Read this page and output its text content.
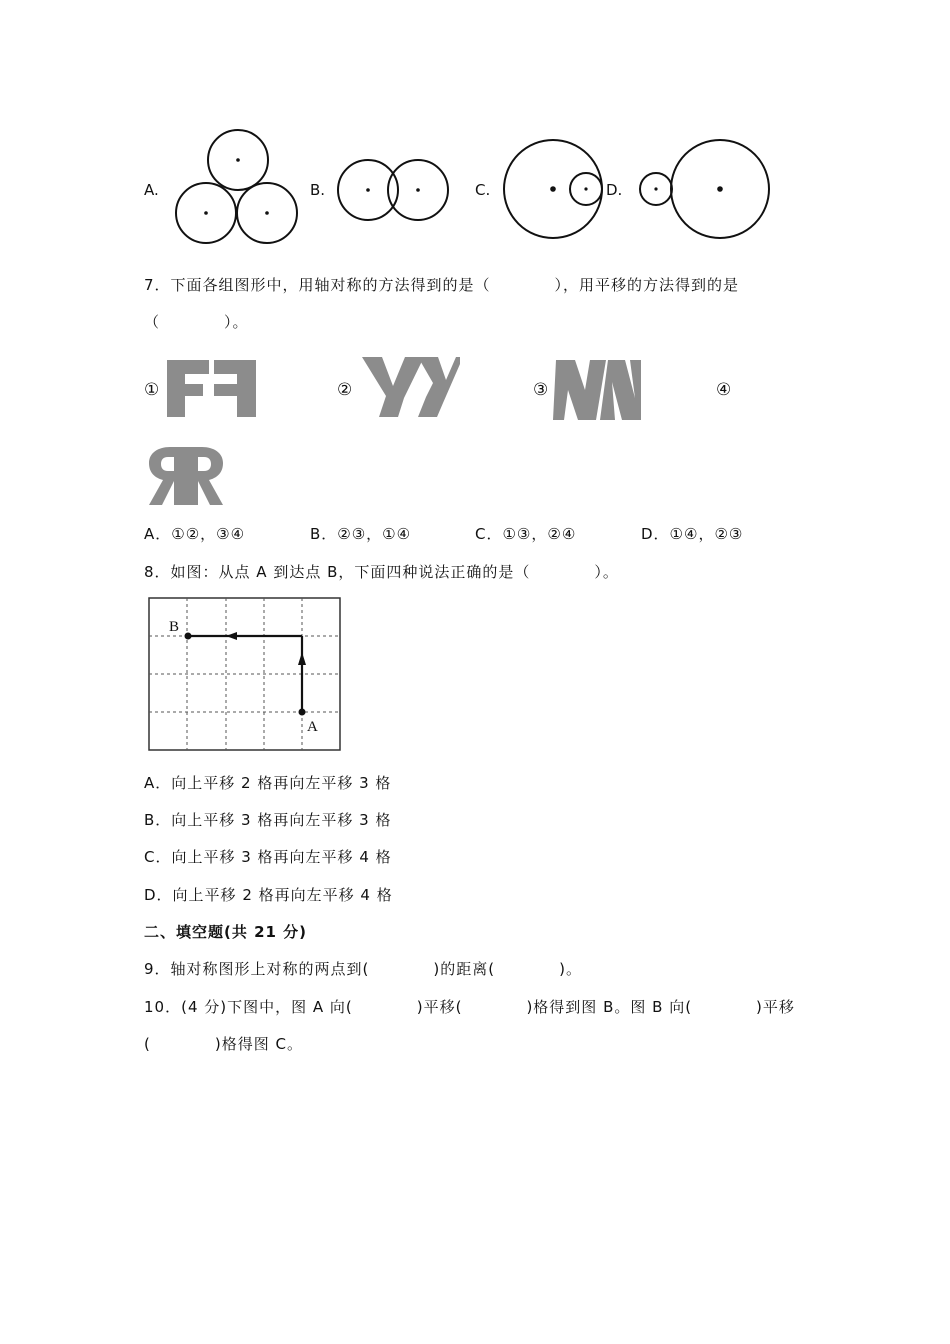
A.	B.	C.	D.
7．下面各组图形中，用轴对称的方法得到的是（　　　　），用平移的方法得到的是
（　　　　）。
①	②	③	④
A．①②，③④	B．②③，①④	C．①③，②④	D．①④，②③
8．如图：从点 A 到达点 B，下面四种说法正确的是（　　　　）。
B
A
A．向上平移 2 格再向左平移 3 格
B．向上平移 3 格再向左平移 3 格
C．向上平移 3 格再向左平移 4 格
D．向上平移 2 格再向左平移 4 格
二、填空题(共 21 分)
9．轴对称图形上对称的两点到(　　　　)的距离(　　　　)。
10．(4 分)下图中，图 A 向(　　　　)平移(　　　　)格得到图 B。图 B 向(　　　　)平移
(　　　　)格得图 C。
